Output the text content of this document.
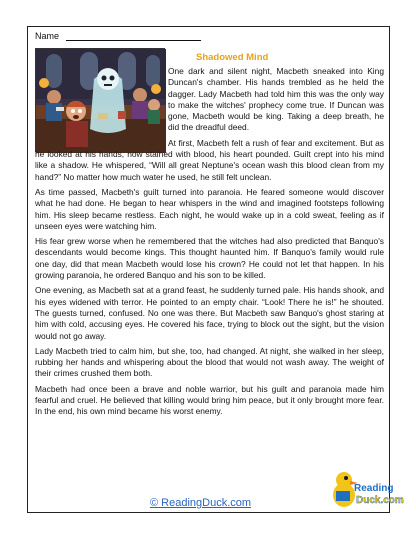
Name
Shadowed Mind

One dark and silent night, Macbeth sneaked into King Duncan's chamber. His hands trembled as he held the dagger. Lady Macbeth had told him this was the only way to make the witches' prophecy come true. If Duncan was gone, Macbeth would be king. Taking a deep breath, he did the dreadful deed.

At first, Macbeth felt a rush of fear and excitement. But as he looked at his hands, now stained with blood, his heart pounded. Guilt crept into his mind like a shadow. He whispered, “Will all great Neptune's ocean wash this blood clean from my hand?” No matter how much water he used, he still felt unclean.

As time passed, Macbeth's guilt turned into paranoia. He feared someone would discover what he had done. He began to hear whispers in the wind and imagined footsteps following him. His sleep became restless. Each night, he would wake up in a cold sweat, feeling as if unseen eyes were watching him.

His fear grew worse when he remembered that the witches had also predicted that Banquo's descendants would become kings. This thought haunted him. If Banquo's family would rule one day, did that mean Macbeth would lose his crown? He could not let that happen. In his growing paranoia, he ordered Banquo and his son to be killed.

One evening, as Macbeth sat at a grand feast, he suddenly turned pale. His hands shook, and his eyes widened with terror. He pointed to an empty chair. “Look! There he is!” he shouted. The guests turned, confused. No one was there. But Macbeth saw Banquo's ghost staring at him with cold, accusing eyes. He covered his face, trying to block out the sight, but the vision would not go away.

Lady Macbeth tried to calm him, but she, too, had changed. At night, she walked in her sleep, rubbing her hands and whispering about the blood that would not wash away. The weight of their crimes crushed them both.

Macbeth had once been a brave and noble warrior, but his guilt and paranoia made him fearful and cruel. He believed that killing would bring him peace, but it only brought more fear. In the end, his own mind became his worst enemy.

© ReadingDuck.com
Reading
Duck.com
